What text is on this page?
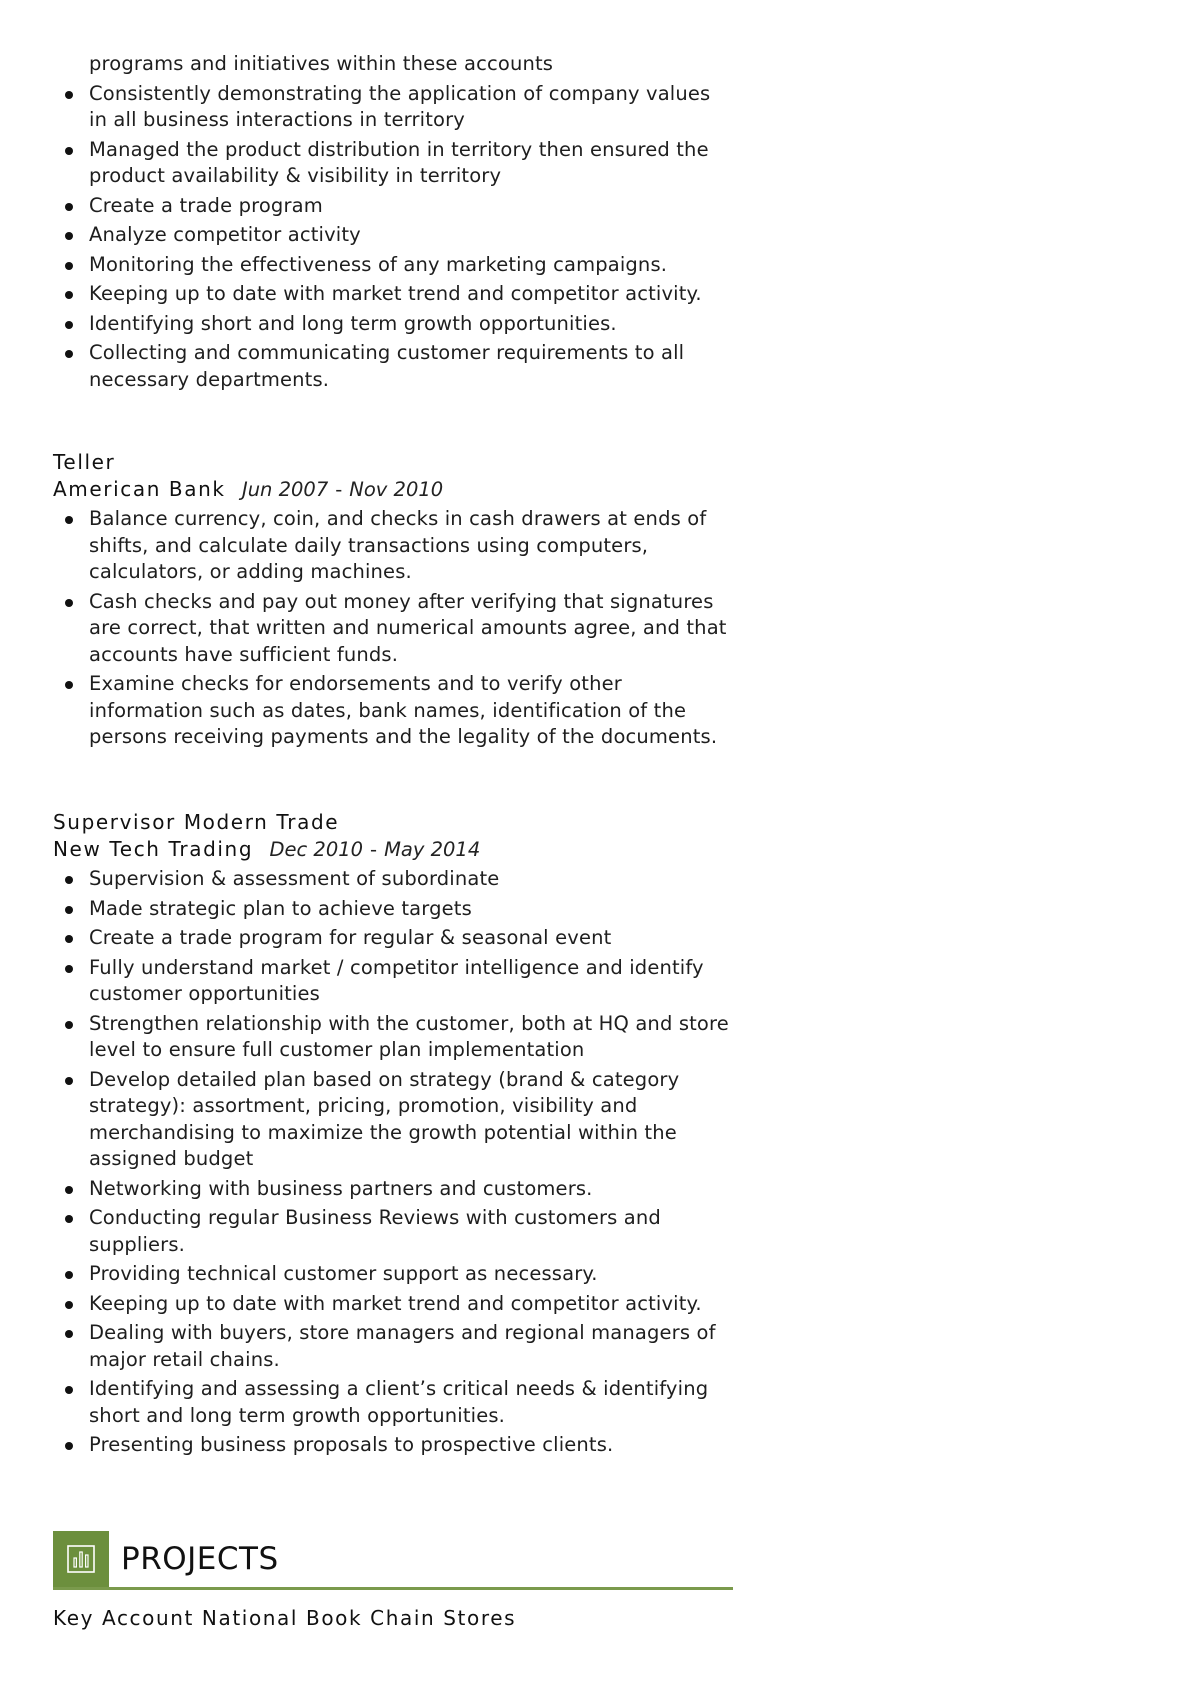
programs and initiatives within these accounts
Consistently demonstrating the application of company values in all business interactions in territory
Managed the product distribution in territory then ensured the product availability & visibility in territory
Create a trade program
Analyze competitor activity
Monitoring the effectiveness of any marketing campaigns.
Keeping up to date with market trend and competitor activity.
Identifying short and long term growth opportunities.
Collecting and communicating customer requirements to all necessary departments.
Teller
American Bank Jun 2007 - Nov 2010
Balance currency, coin, and checks in cash drawers at ends of shifts, and calculate daily transactions using computers, calculators, or adding machines.
Cash checks and pay out money after verifying that signatures are correct, that written and numerical amounts agree, and that accounts have sufficient funds.
Examine checks for endorsements and to verify other information such as dates, bank names, identification of the persons receiving payments and the legality of the documents.
Supervisor Modern Trade
New Tech Trading Dec 2010 - May 2014
Supervision & assessment of subordinate
Made strategic plan to achieve targets
Create a trade program for regular & seasonal event
Fully understand market / competitor intelligence and identify customer opportunities
Strengthen relationship with the customer, both at HQ and store level to ensure full customer plan implementation
Develop detailed plan based on strategy (brand & category strategy): assortment, pricing, promotion, visibility and merchandising to maximize the growth potential within the assigned budget
Networking with business partners and customers.
Conducting regular Business Reviews with customers and suppliers.
Providing technical customer support as necessary.
Keeping up to date with market trend and competitor activity.
Dealing with buyers, store managers and regional managers of major retail chains.
Identifying and assessing a client’s critical needs & identifying short and long term growth opportunities.
Presenting business proposals to prospective clients.
PROJECTS
Key Account National Book Chain Stores
